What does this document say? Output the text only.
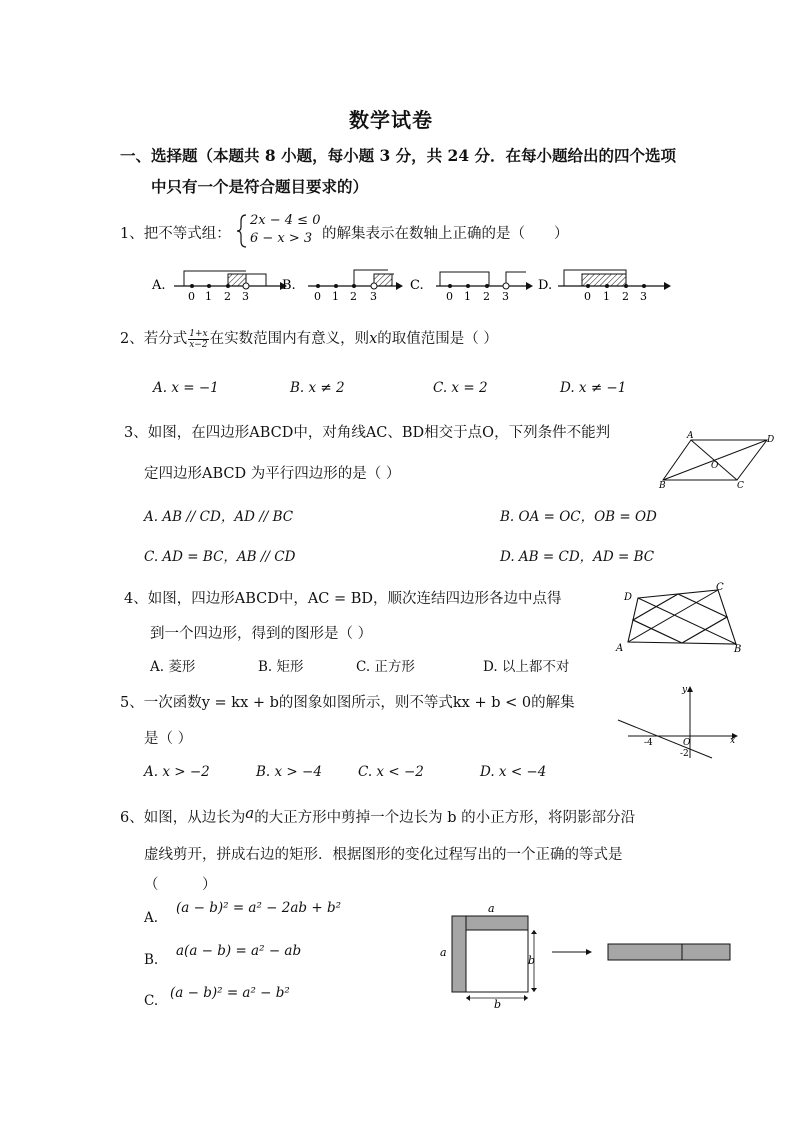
数学试卷
一、选择题（本题共 8 小题，每小题 3 分，共 24 分．在每小题给出的四个选项
中只有一个是符合题目要求的）
1、把不等式组：
2x − 4 ≤ 0
6 − x > 3 的解集表示在数轴上正确的是（　　）
A.
0 1 2 3
B.
0 1 2 3
C.
0 1 2 3
D.
0 1 2 3
2、若分式 $\frac{1+x}{x-2}$ 在实数范围内有意义，则x的取值范围是（ ）
A. x = −1	B. x ≠ 2	C. x = 2	D. x ≠ −1
3、如图，在四边形ABCD中，对角线AC、BD相交于点O，下列条件不能判
定四边形ABCD 为平行四边形的是（ ）
A	D
B	C
O
A. AB // CD，AD // BC	B. OA = OC，OB = OD
C. AD = BC，AB // CD	D. AB = CD，AD = BC
4、如图，四边形ABCD中，AC = BD，顺次连结四边形各边中点得
到一个四边形，得到的图形是（ ）
D
C
A	B
A. 菱形	B. 矩形	C. 正方形	D. 以上都不对
5、一次函数y = kx + b的图象如图所示，则不等式kx + b < 0的解集
是（ ）
y
x
-4	O
-2
A. x > −2	B. x > −4	C. x < −2	D. x < −4
6、如图，从边长为a的大正方形中剪掉一个边长为 b 的小正方形，将阴影部分沿
虚线剪开，拼成右边的矩形．根据图形的变化过程写出的一个正确的等式是
（　　　）
A.
(a − b)² = a² − 2ab + b²
B.
a(a − b) = a² − ab
C. (a − b)² = a² − b²
a
a
b
b
